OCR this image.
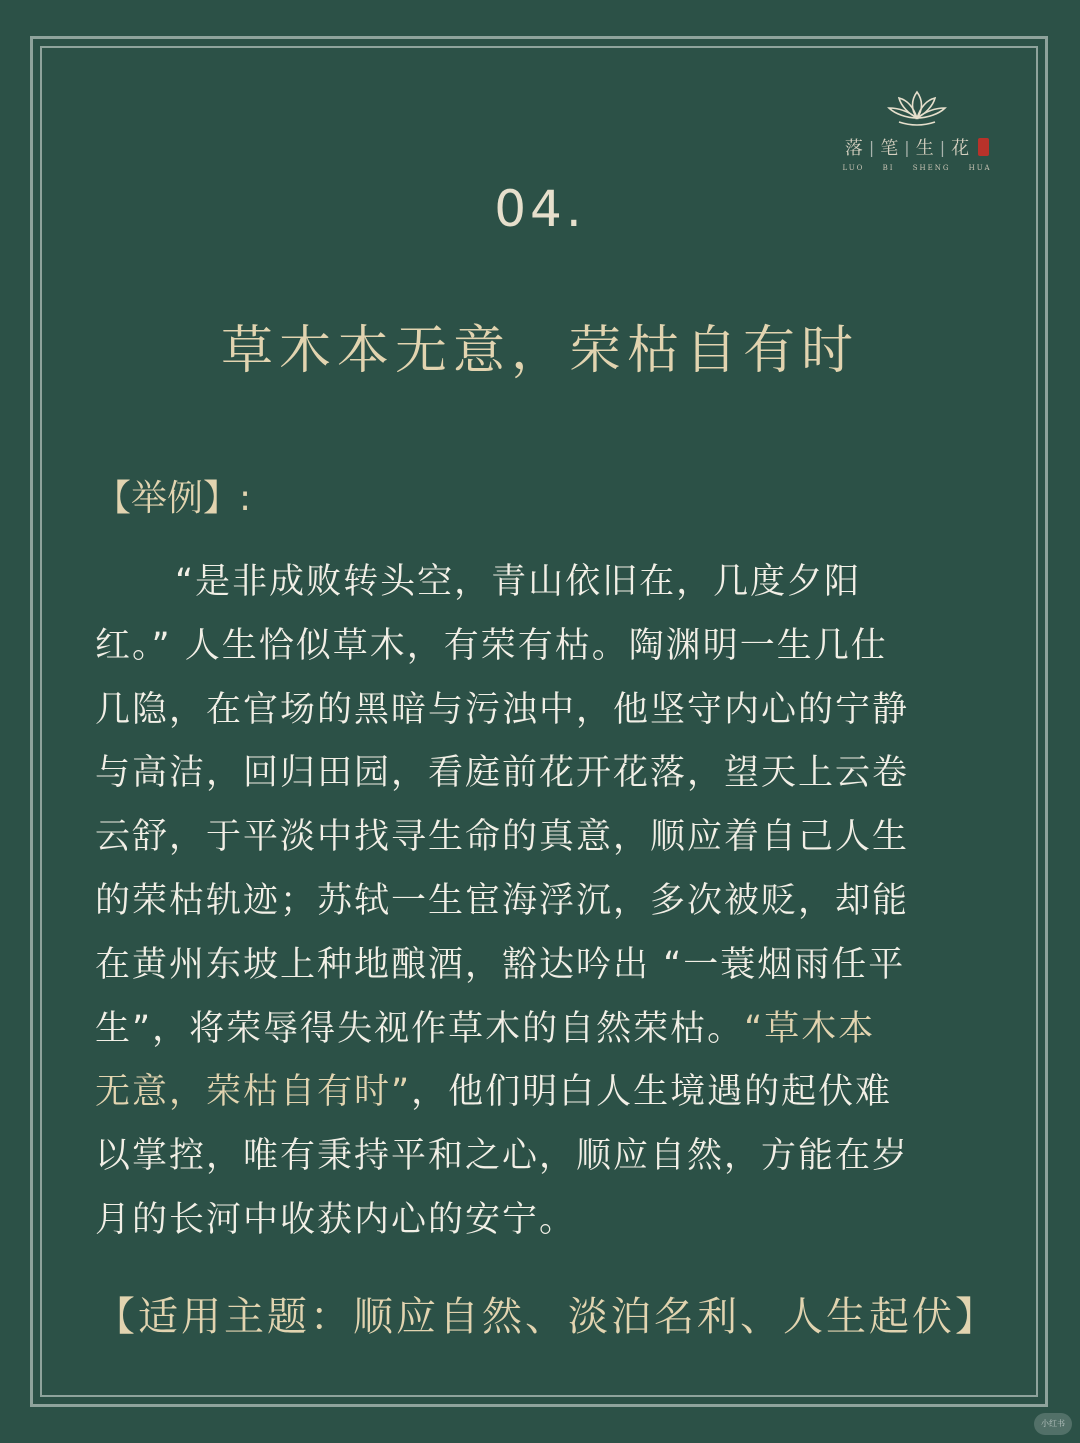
落 | 笔 | 生 | 花
LUO BI SHENG HUA
04.
草木本无意，荣枯自有时
【举例】:
“是非成败转头空，青山依旧在，几度夕阳
红。” 人生恰似草木，有荣有枯。陶渊明一生几仕
几隐，在官场的黑暗与污浊中，他坚守内心的宁静
与高洁，回归田园，看庭前花开花落，望天上云卷
云舒，于平淡中找寻生命的真意，顺应着自己人生
的荣枯轨迹；苏轼一生宦海浮沉，多次被贬，却能
在黄州东坡上种地酿酒，豁达吟出 “一蓑烟雨任平
生”，将荣辱得失视作草木的自然荣枯。“草木本
无意，荣枯自有时”，他们明白人生境遇的起伏难
以掌控，唯有秉持平和之心，顺应自然，方能在岁
月的长河中收获内心的安宁。
【适用主题：顺应自然、淡泊名利、人生起伏】
小红书
